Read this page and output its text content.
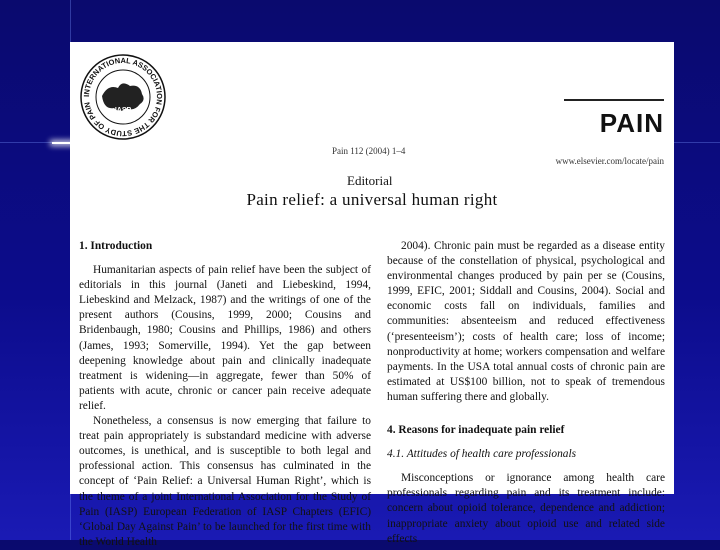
INTERNATIONAL ASSOCIATION FOR THE STUDY OF PAIN
IASP
Pain 112 (2004) 1–4
PAIN
www.elsevier.com/locate/pain
Editorial
Pain relief: a universal human right
1. Introduction

Humanitarian aspects of pain relief have been the subject of editorials in this journal (Janeti and Liebeskind, 1994, Liebeskind and Melzack, 1987) and the writings of one of the present authors (Cousins, 1999, 2000; Cousins and Bridenbaugh, 1980; Cousins and Phillips, 1986) and others (James, 1993; Somerville, 1994). Yet the gap between deepening knowledge about pain and clinically inadequate treatment is widening—in aggregate, fewer than 50% of patients with acute, chronic or cancer pain receive adequate relief.

Nonetheless, a consensus is now emerging that failure to treat pain appropriately is substandard medicine with adverse outcomes, is unethical, and is susceptible to both legal and professional action. This consensus has culminated in the concept of ‘Pain Relief: a Universal Human Right’, which is the theme of a joint International Association for the Study of Pain (IASP) European Federation of IASP Chapters (EFIC) ‘Global Day Against Pain’ to be launched for the first time with the World Health

2004). Chronic pain must be regarded as a disease entity because of the constellation of physical, psychological and environmental changes produced by pain per se (Cousins, 1999, EFIC, 2001; Siddall and Cousins, 2004). Social and economic costs fall on individuals, families and communities: absenteeism and reduced effectiveness (‘presenteeism’); costs of health care; loss of income; nonproductivity at home; workers compensation and welfare payments. In the USA total annual costs of chronic pain are estimated at US$100 billion, not to speak of tremendous human suffering there and globally.

4. Reasons for inadequate pain relief
4.1. Attitudes of health care professionals

Misconceptions or ignorance among health care professionals regarding pain and its treatment include: concern about opioid tolerance, dependence and addiction; inappropriate anxiety about opioid use and related side effects
